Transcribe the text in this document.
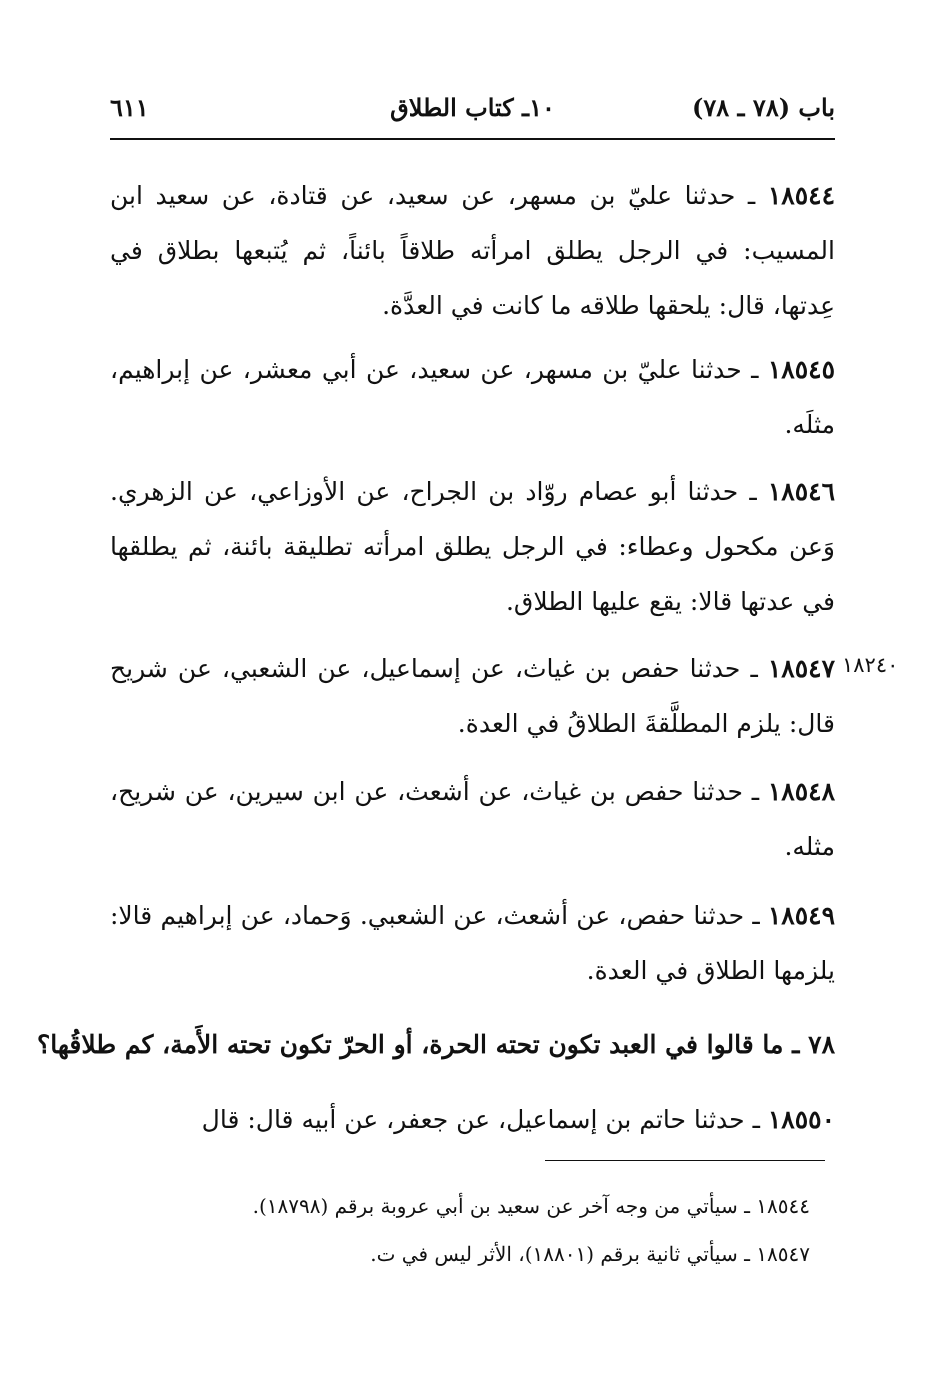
باب (٧٨ ـ ٧٨)
١٠ـ كتاب الطلاق
٦١١

١٨٥٤٤ ـ حدثنا عليّ بن مسهر، عن سعيد، عن قتادة، عن سعيد ابن المسيب: في الرجل يطلق امرأته طلاقاً بائناً، ثم يُتبعها بطلاق في عِدتها، قال: يلحقها طلاقه ما كانت في العدَّة.

١٨٥٤٥ ـ حدثنا عليّ بن مسهر، عن سعيد، عن أبي معشر، عن إبراهيم، مثلَه.

١٨٥٤٦ ـ حدثنا أبو عصام روّاد بن الجراح، عن الأوزاعي، عن الزهري. وَعن مكحول وعطاء: في الرجل يطلق امرأته تطليقة بائنة، ثم يطلقها في عدتها قالا: يقع عليها الطلاق.

١٨٢٤٠

١٨٥٤٧ ـ حدثنا حفص بن غياث، عن إسماعيل، عن الشعبي، عن شريح قال: يلزم المطلَّقةَ الطلاقُ في العدة.

١٨٥٤٨ ـ حدثنا حفص بن غياث، عن أشعث، عن ابن سيرين، عن شريح، مثله.

١٨٥٤٩ ـ حدثنا حفص، عن أشعث، عن الشعبي. وَحماد، عن إبراهيم قالا: يلزمها الطلاق في العدة.

٧٨ ـ ما قالوا في العبد تكون تحته الحرة، أو الحرّ تكون تحته الأَمة، كم طلاقُها؟

١٨٥٥٠ ـ حدثنا حاتم بن إسماعيل، عن جعفر، عن أبيه قال: قال

١٨٥٤٤ ـ سيأتي من وجه آخر عن سعيد بن أبي عروبة برقم (١٨٧٩٨).

١٨٥٤٧ ـ سيأتي ثانية برقم (١٨٨٠١)، الأثر ليس في ت.
